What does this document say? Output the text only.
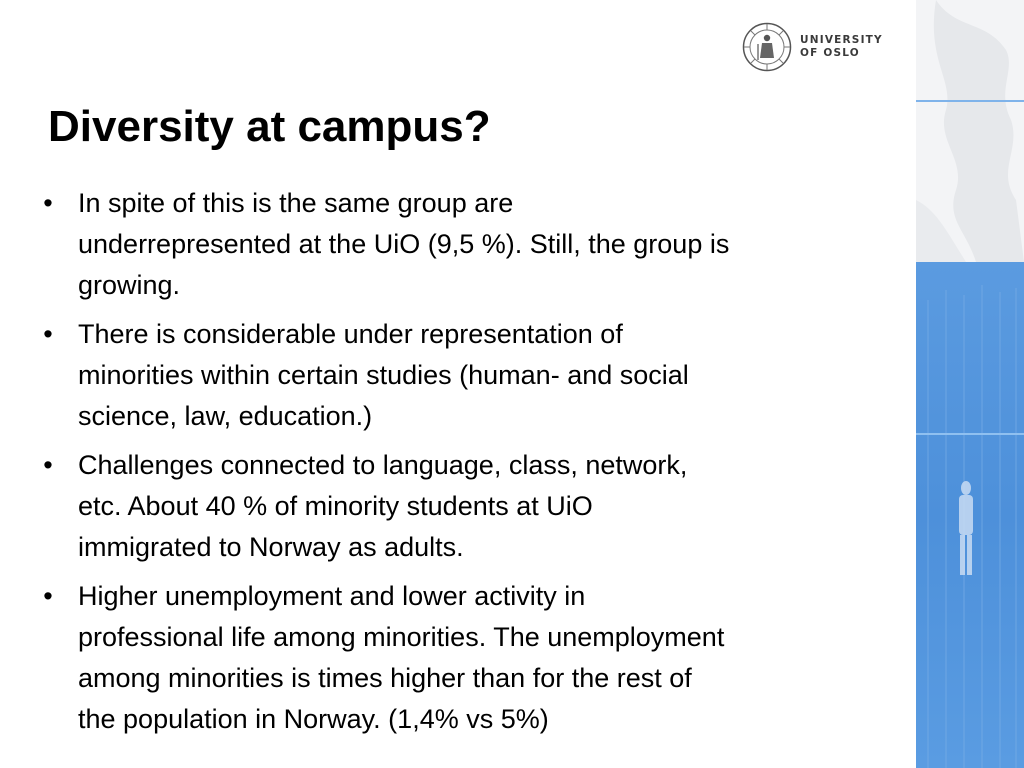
UNIVERSITY
OF OSLO
Diversity at campus?
• In spite of this is the same group are
underrepresented at the UiO (9,5 %). Still, the group is
growing.
• There is considerable under representation of
minorities within certain studies (human- and social
science, law, education.)
• Challenges connected to language, class, network,
etc. About 40 % of minority students at UiO
immigrated to Norway as adults.
• Higher unemployment and lower activity in
professional life among minorities. The unemployment
among minorities is times higher than for the rest of
the population in Norway. (1,4% vs 5%)
